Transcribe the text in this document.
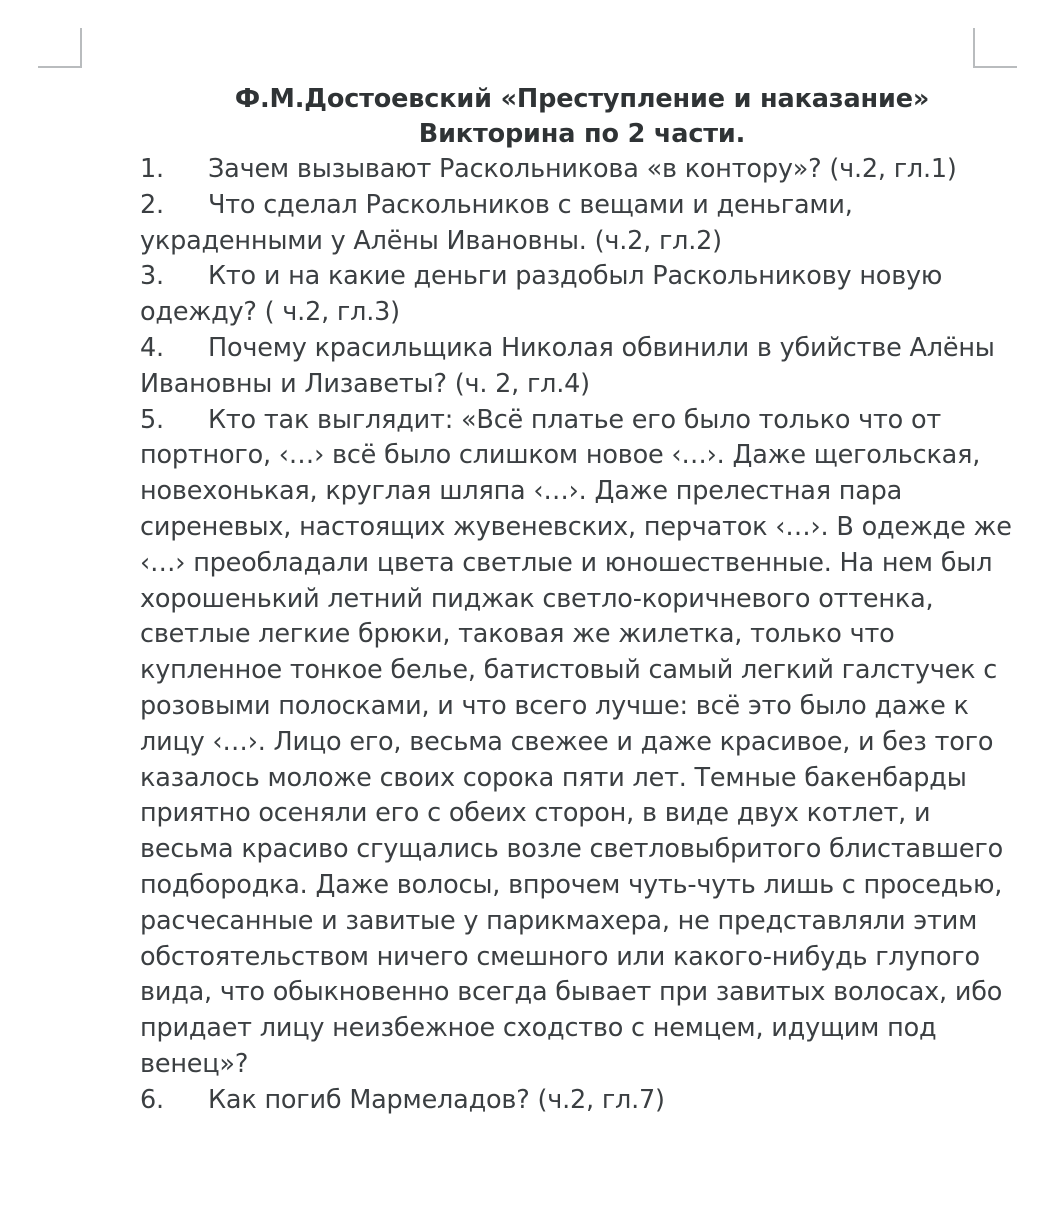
Ф.М.Достоевский «Преступление и наказание»
Викторина по 2 части.
1. Зачем вызывают Раскольникова «в контору»? (ч.2, гл.1)
2. Что сделал Раскольников с вещами и деньгами, украденными у Алёны Ивановны. (ч.2, гл.2)
3. Кто и на какие деньги раздобыл Раскольникову новую одежду? ( ч.2, гл.3)
4. Почему красильщика Николая обвинили в убийстве Алёны Ивановны и Лизаветы? (ч. 2, гл.4)
5. Кто так выглядит: «Всё платье его было только что от портного, ‹…› всё было слишком новое ‹…›. Даже щегольская, новехонькая, круглая шляпа ‹…›. Даже прелестная пара сиреневых, настоящих жувеневских, перчаток ‹…›. В одежде же ‹…› преобладали цвета светлые и юношественные. На нем был хорошенький летний пиджак светло-коричневого оттенка, светлые легкие брюки, таковая же жилетка, только что купленное тонкое белье, батистовый самый легкий галстучек с розовыми полосками, и что всего лучше: всё это было даже к лицу ‹…›. Лицо его, весьма свежее и даже красивое, и без того казалось моложе своих сорока пяти лет. Темные бакенбарды приятно осеняли его с обеих сторон, в виде двух котлет, и весьма красиво сгущались возле светловыбритого блиставшего подбородка. Даже волосы, впрочем чуть-чуть лишь с проседью, расчесанные и завитые у парикмахера, не представляли этим обстоятельством ничего смешного или какого-нибудь глупого вида, что обыкновенно всегда бывает при завитых волосах, ибо придает лицу неизбежное сходство с немцем, идущим под венец»?
6. Как погиб Мармеладов? (ч.2, гл.7)
